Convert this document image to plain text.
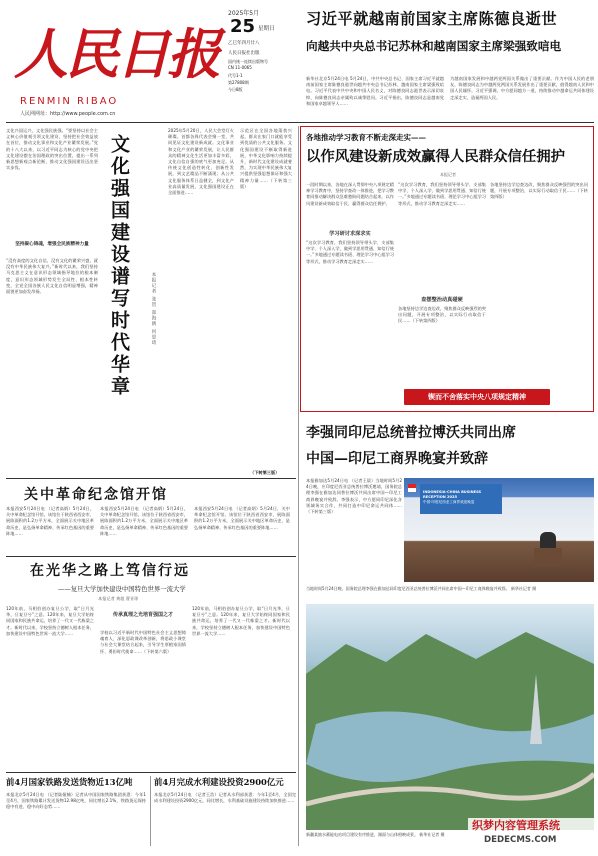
人民日报
RENMIN RIBAO
人民网网址：http://www.people.com.cn
2025年5月
25 星期日
乙巳年四月廿八
人民日报社出版
国内统一连续出版物号
CN 11-0065
代号1-1
第27808期
今日8版
习近平就越南前国家主席陈德良逝世
向越共中央总书记苏林和越南国家主席梁强致唁电
新华社北京5月24日电 5月24日，中共中央总书记、国家主席习近平就越南前国家主席陈德良逝世向越共中央总书记苏林、越南国家主席梁强致唁电。习近平代表中共中央和中国人民名义，对陈德良同志逝世表示深切哀悼，向陈德良同志亲属致以诚挚慰问。习近平指出，陈德良同志是越南党和国家卓越领导人……
为越南国家发展和中越两党两国关系做出了重要贡献。作为中国人民的老朋友，陈德良同志为中越两党两国关系发展作出了重要贡献，值得越南人民和中国人民缅怀。习近平强调，中方愿同越方一道，持续推动中越命运共同体建设走深走实，造福两国人民。
文化兴国运兴，文化强民族强。“要坚持以社会主义核心价值观引领文化建设，坚持把社会效益放在首位，推动文化事业和文化产业繁荣发展。”党的十八大以来，以习近平同志为核心的党中央把文化建设摆在治国理政的突出位置，提出一系列新思想新观点新论断，推动文化强国建设迈出坚实步伐。
坚持凝心铸魂，增强全民族精神力量
“没有高度的文化自信，没有文化的繁荣兴盛，就没有中华民族伟大复兴。”新时代以来，我们坚持马克思主义在意识形态领域指导地位的根本制度，意识形态领域形势发生全局性、根本性转变，全党全国各族人民文化自信明显增强，精神面貌更加奋发昂扬。	文化强国建设谱写时代华章	本报记者 张贺 郑海鸥 何思琦
2025年5月20日，人民大会堂灯火璀璨。首都各界代表会聚一堂，共同见证文化建设新成就。文化事业和文化产业的繁荣发展，让人民群众的精神文化生活更加丰富多彩，文化自信自强的底气更加充足。从传统文化创造性转化、创新性发展，到文艺精品不断涌现；从公共文化服务体系日益健全，到文化产业高质量发展，文化强国建设正在全面推进……
示范区在全国各地蓬勃兴起，群众在家门口就能享受到优质的公共文化服务。文化强国建设不断取得新进展，中华文化影响力持续提升，新时代文化建设成就斐然，为实现中华民族伟大复兴提供坚强思想保证和强大精神力量……（下转第三版）
（下转第三版）
各地推动学习教育不断走深走实——
以作风建设新成效赢得人民群众信任拥护
本报记者
一段时期以来，各地在深入贯彻中央八项规定精神学习教育中，坚持学查改一体推进，把学习教育同推动解决群众急难愁盼问题结合起来，以作风建设新成效取信于民、赢得群众信任拥护。
学习研讨求深求实
“这次学习教育，我们坚持领导带头学、支部集中学、个人深入学，做到学思用贯通、知信行统一。”多地通过专题读书班、理论学习中心组学习等形式，推动学习教育走深走实……
“这次学习教育，我们坚持领导带头学、支部集中学、个人深入学，做到学思用贯通、知信行统一。”多地通过专题读书班、理论学习中心组学习等形式，推动学习教育走深走实……
查摆整治动真碰硬
各地坚持边学边查边改，聚焦群众反映强烈的突出问题，开展专项整治，以实际行动取信于民……（下转第四版）
各地坚持边学边查边改，聚焦群众反映强烈的突出问题，开展专项整治，以实际行动取信于民……（下转第四版）
锲而不舍落实中央八项规定精神
李强同印尼总统普拉博沃共同出席
中国—印尼工商界晚宴并致辞
关中革命纪念馆开馆
本报西安5月24日电 （记者高炳）5月24日，关中革命纪念馆开馆。该馆位于陕西省西安市，展陈面积约1.2万平方米，全面展示关中地区革命历史，是弘扬革命精神、传承红色基因的重要阵地……
本报西安5月24日电 （记者高炳）5月24日，关中革命纪念馆开馆。该馆位于陕西省西安市，展陈面积约1.2万平方米，全面展示关中地区革命历史，是弘扬革命精神、传承红色基因的重要阵地……
本报西安5月24日电 （记者高炳）5月24日，关中革命纪念馆开馆。该馆位于陕西省西安市，展陈面积约1.2万平方米，全面展示关中地区革命历史，是弘扬革命精神、传承红色基因的重要阵地……
在光华之路上笃信行远
——复旦大学加快建设中国特色世界一流大学
本报记者 黄超 曹亚琼
120年前，马相伯创办复旦公学，取“日月光华，旦复旦兮”之意。120年来，复旦大学始终同国家和民族共命运，培养了一代又一代栋梁之才。新时代以来，学校坚持立德树人根本任务，加快建设中国特色世界一流大学……
传承真理之光培育强国之才
学校以习近平新时代中国特色社会主义思想铸魂育人，深化思政课改革创新，将思政小课堂与社会大课堂结合起来，引导学生厚植家国情怀、勇担时代使命……（下转第六版）
120年前，马相伯创办复旦公学，取“日月光华，旦复旦兮”之意。120年来，复旦大学始终同国家和民族共命运，培养了一代又一代栋梁之才。新时代以来，学校坚持立德树人根本任务，加快建设中国特色世界一流大学……
本报雅加达5月24日电 （记者王晨）当地时间5月24日晚，应印度尼西亚总统普拉博沃邀请，国务院总理李强在雅加达同普拉博沃共同出席中国—印尼工商界晚宴并致辞。李强表示，中方愿同印尼深化各领域务实合作，共同打造中印尼命运共同体……（下转第三版）
INDONESIA-CHINA BUSINESS RECEPTION 2025
中国·印度尼西亚工商界欢迎晚宴
当地时间5月24日晚，国务院总理李强在雅加达同印度尼西亚总统普拉博沃共同出席中国—印尼工商界晚宴并致辞。 新华社记者 摄
新疆某抽水蓄能电站项目建设有序推进，湖面与山体相映成景。 新华社记者 摄
前4月国家铁路发送货物近13亿吨
本报北京5月24日电 （记者陆娅楠）记者从中国国家铁路集团获悉：今年1至4月，国家铁路累计发送货物12.98亿吨，同比增长2.1%，铁路货运保持稳中有进、稳中向好态势……
前4月完成水利建设投资2900亿元
本报北京5月24日电 （记者王浩）记者从水利部获悉：今年1至4月，全国完成水利建设投资2900亿元，同比增长，水利基础设施建设持续加快推进……
织梦内容管理系统
DEDECMS.COM
